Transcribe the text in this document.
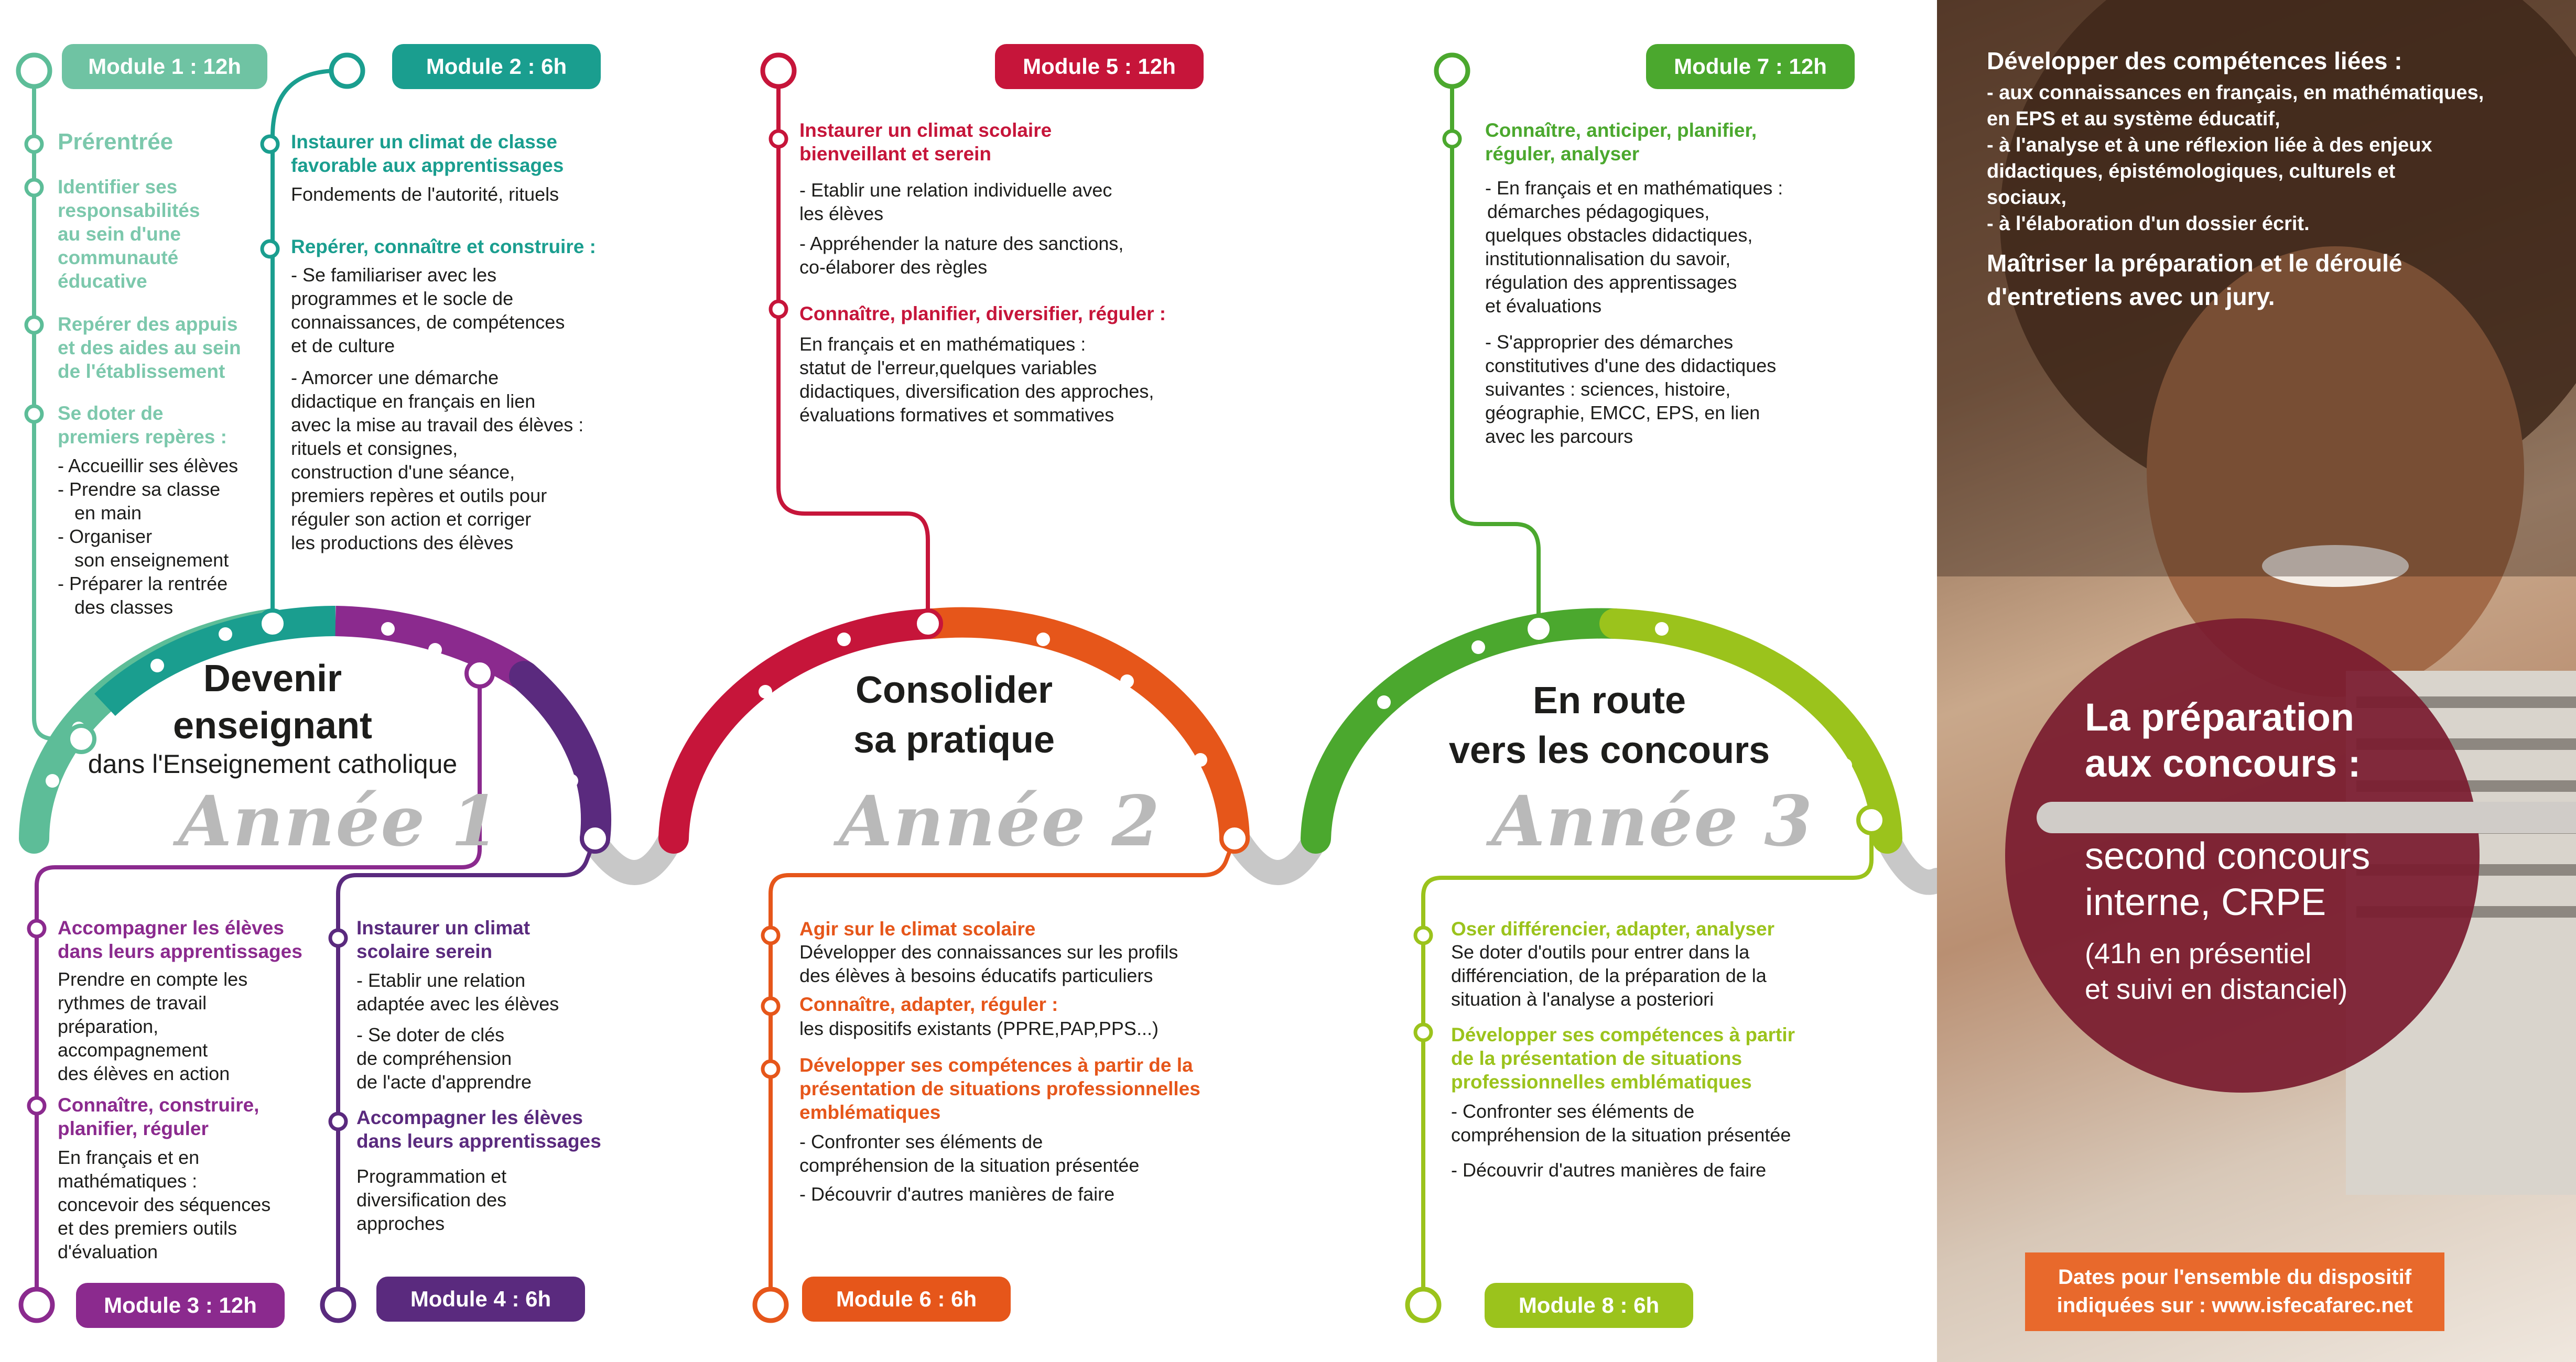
Module 1 : 12h	Module 2 : 6h	Module 5 : 12h	Module 7 : 12h
Module 3 : 12h	Module 4 : 6h	Module 6 : 6h	Module 8 : 6h
Prérentrée
Identifier ses responsabilités au sein d'une communauté éducative
Repérer des appuis et des aides au sein de l'établissement
Se doter de premiers repères :
- Accueillir ses élèves
- Prendre sa classe
en main
- Organiser
son enseignement
- Préparer la rentrée
des classes
Instaurer un climat de classe favorable aux apprentissages
Fondements de l'autorité, rituels
Repérer, connaître et construire :
- Se familiariser avec les
programmes et le socle de
connaissances, de compétences
et de culture
- Amorcer une démarche
didactique en français en lien
avec la mise au travail des élèves :
rituels et consignes,
construction d'une séance,
premiers repères et outils pour
réguler son action et corriger
les productions des élèves
Instaurer un climat scolaire
bienveillant et serein
- Etablir une relation individuelle avec
les élèves
- Appréhender la nature des sanctions,
co-élaborer des règles
Connaître, planifier, diversifier, réguler :
En français et en mathématiques :
statut de l'erreur,quelques variables
didactiques, diversification des approches,
évaluations formatives et sommatives
Connaître, anticiper, planifier,
réguler, analyser
- En français et en mathématiques :
démarches pédagogiques,
quelques obstacles didactiques,
institutionnalisation du savoir,
régulation des apprentissages
et évaluations
- S'approprier des démarches
constitutives d'une des didactiques
suivantes : sciences, histoire,
géographie, EMCC, EPS, en lien
avec les parcours
Devenir
enseignant
dans l'Enseignement catholique
Année 1
Consolider
sa pratique
Année 2
En route
vers les concours
Année 3
Accompagner les élèves
dans leurs apprentissages
Prendre en compte les
rythmes de travail
préparation,
accompagnement
des élèves en action
Connaître, construire,
planifier, réguler
En français et en
mathématiques :
concevoir des séquences
et des premiers outils
d'évaluation
Instaurer un climat
scolaire serein
- Etablir une relation
adaptée avec les élèves
- Se doter de clés
de compréhension
de l'acte d'apprendre
Accompagner les élèves
dans leurs apprentissages
Programmation et
diversification des
approches
Agir sur le climat scolaire
Développer des connaissances sur les profils
des élèves à besoins éducatifs particuliers
Connaître, adapter, réguler :
les dispositifs existants (PPRE,PAP,PPS...)
Développer ses compétences à partir de la
présentation de situations professionnelles
emblématiques
- Confronter ses éléments de
compréhension de la situation présentée
- Découvrir d'autres manières de faire
Oser différencier, adapter, analyser
Se doter d'outils pour entrer dans la
différenciation, de la préparation de la
situation à l'analyse a posteriori
Développer ses compétences à partir
de la présentation de situations
professionnelles emblématiques
- Confronter ses éléments de
compréhension de la situation présentée
- Découvrir d'autres manières de faire
Développer des compétences liées :
- aux connaissances en français, en mathématiques,
en EPS et au système éducatif,
- à l'analyse et à une réflexion liée à des enjeux
didactiques, épistémologiques, culturels et
sociaux,
- à l'élaboration d'un dossier écrit.
Maîtriser la préparation et le déroulé
d'entretiens avec un jury.
La préparation
aux concours :
second concours
interne, CRPE
(41h en présentiel
et suivi en distanciel)
Dates pour l'ensemble du dispositif
indiquées sur : www.isfecafarec.net
